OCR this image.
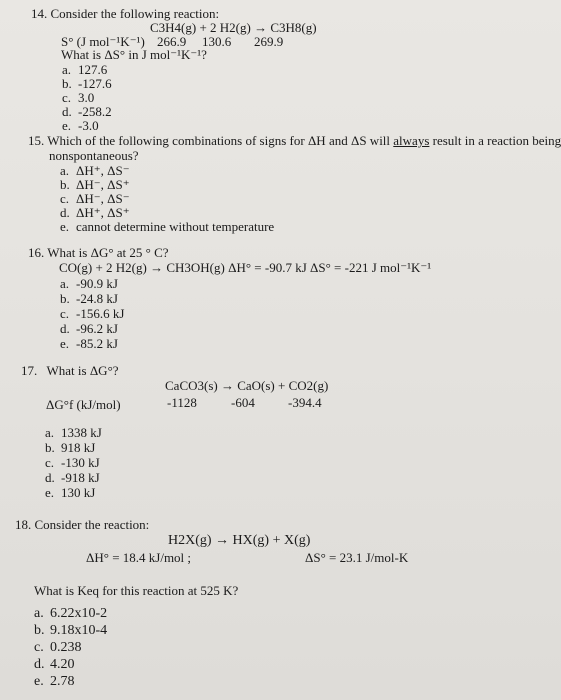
14. Consider the following reaction:
C3H4(g) + 2 H2(g) → C3H8(g)
S° (J mol⁻¹K⁻¹) 266.9 130.6 269.9
What is ΔS° in J mol⁻¹K⁻¹?
a. 127.6
b. -127.6
c. 3.0
d. -258.2
e. -3.0
15. Which of the following combinations of signs for ΔH and ΔS will always result in a reaction being
nonspontaneous?
a. ΔH⁺, ΔS⁻
b. ΔH⁻, ΔS⁺
c. ΔH⁻, ΔS⁻
d. ΔH⁺, ΔS⁺
e. cannot determine without temperature
16. What is ΔG° at 25 ° C?
CO(g) + 2 H2(g) → CH3OH(g) ΔH° = -90.7 kJ ΔS° = -221 J mol⁻¹K⁻¹
a. -90.9 kJ
b. -24.8 kJ
c. -156.6 kJ
d. -96.2 kJ
e. -85.2 kJ
17. What is ΔG°?
CaCO3(s) → CaO(s) + CO2(g)
ΔG°f (kJ/mol)	-1128	-604	-394.4
a. 1338 kJ
b. 918 kJ
c. -130 kJ
d. -918 kJ
e. 130 kJ
18. Consider the reaction:
H2X(g) → HX(g) + X(g)
ΔH° = 18.4 kJ/mol ;	ΔS° = 23.1 J/mol-K
What is Keq for this reaction at 525 K?
a. 6.22x10-2
b. 9.18x10-4
c. 0.238
d. 4.20
e. 2.78
